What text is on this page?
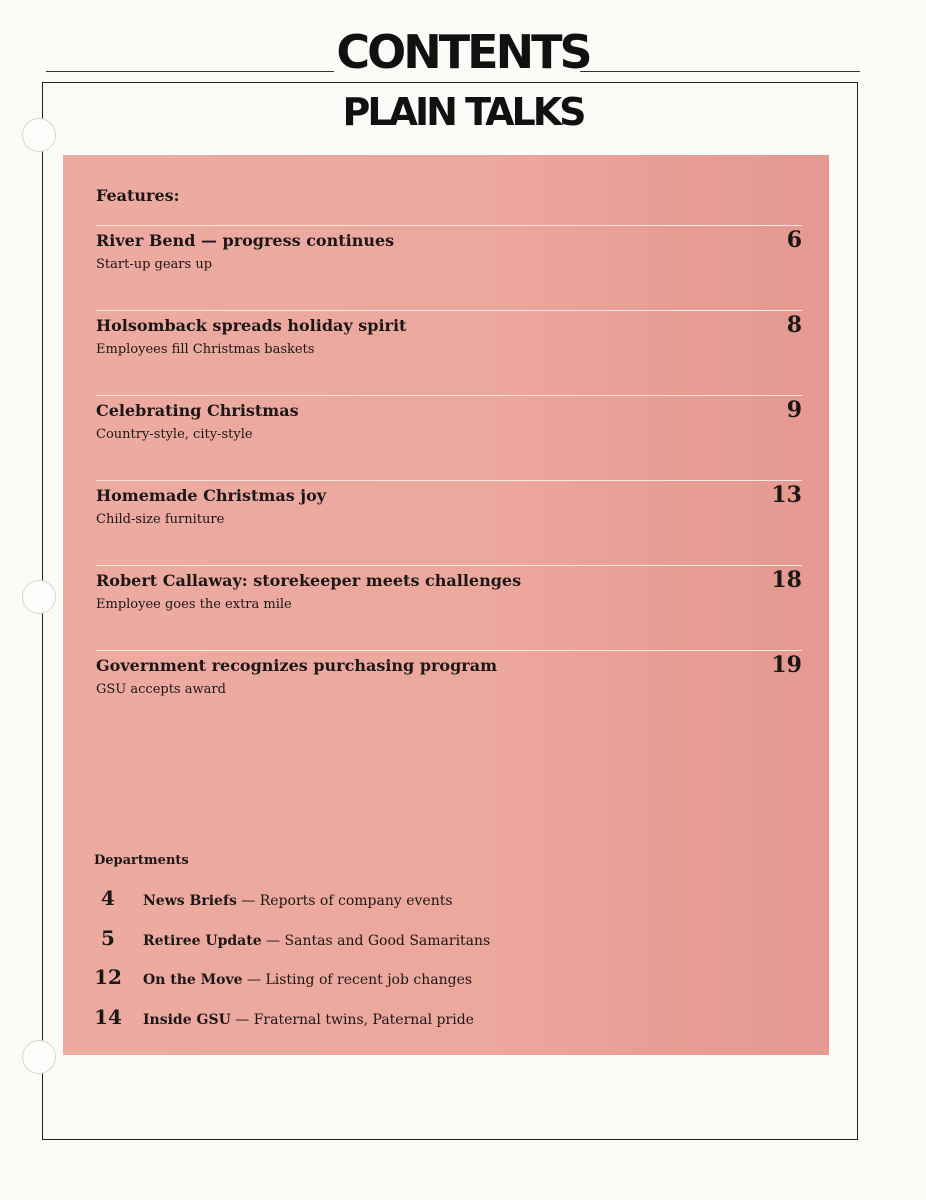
CONTENTS
PLAIN TALKS
Features:
River Bend — progress continues
Start-up gears up
6
Holsomback spreads holiday spirit
Employees fill Christmas baskets
8
Celebrating Christmas
Country-style, city-style
9
Homemade Christmas joy
Child-size furniture
13
Robert Callaway: storekeeper meets challenges
Employee goes the extra mile
18
Government recognizes purchasing program
GSU accepts award
19
Departments
4	News Briefs — Reports of company events
5	Retiree Update — Santas and Good Samaritans
12 On the Move — Listing of recent job changes
14 Inside GSU — Fraternal twins, Paternal pride
